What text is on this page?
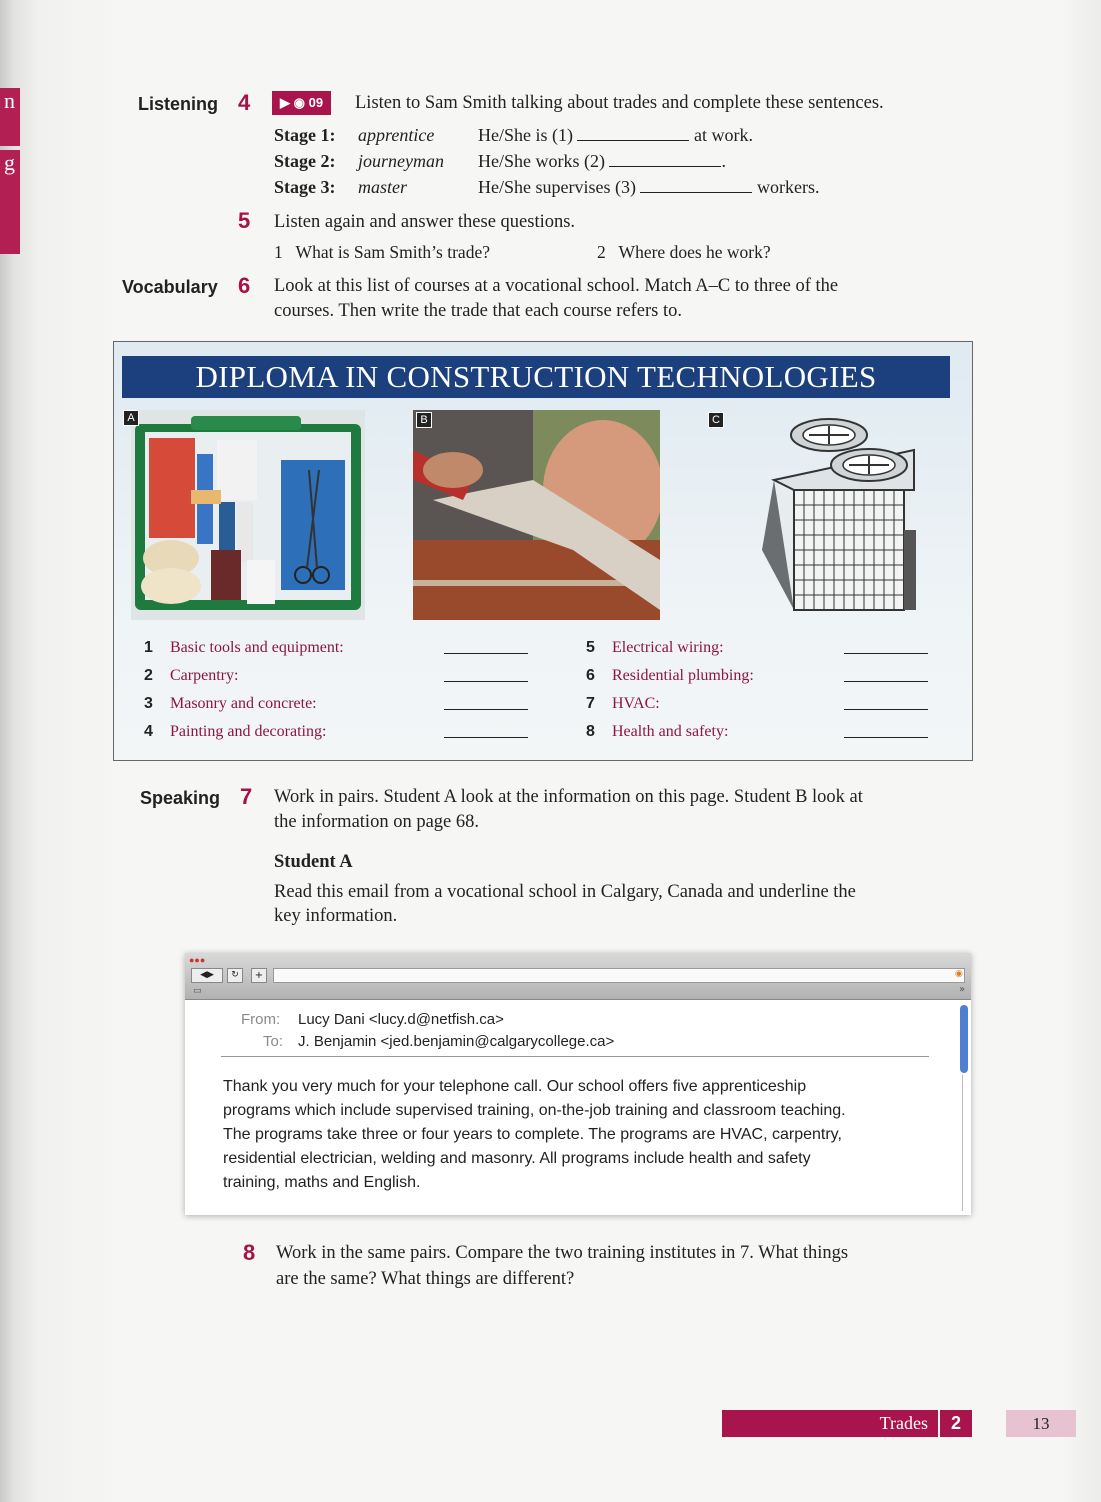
n
g
Listening 4	▶ ◉ 09	Listen to Sam Smith talking about trades and complete these sentences.
Stage 1: apprentice He/She is (1)	at work.
Stage 2: journeyman He/She works (2)	.
Stage 3: master	He/She supervises (3)	workers.
5 Listen again and answer these questions.
1   What is Sam Smith’s trade?	2   Where does he work?
Vocabulary 6 Look at this list of courses at a vocational school. Match A–C to three of the
courses. Then write the trade that each course refers to.
DIPLOMA IN CONSTRUCTION TECHNOLOGIES
A	B	C
1 Basic tools and equipment:
2 Carpentry:
3 Masonry and concrete:
4 Painting and decorating:
5 Electrical wiring:
6 Residential plumbing:
7 HVAC:
8 Health and safety:
Speaking 7 Work in pairs. Student A look at the information on this page. Student B look at
the information on page 68.
Student A
Read this email from a vocational school in Calgary, Canada and underline the
key information.
●●●
◀▶	↻	+	◉
▭	»
From: Lucy Dani <lucy.d@netfish.ca>
To: J. Benjamin <jed.benjamin@calgarycollege.ca>
Thank you very much for your telephone call. Our school offers five apprenticeship
programs which include supervised training, on-the-job training and classroom teaching.
The programs take three or four years to complete. The programs are HVAC, carpentry,
residential electrician, welding and masonry. All programs include health and safety
training, maths and English.
8 Work in the same pairs. Compare the two training institutes in 7. What things
are the same? What things are different?
Trades	2	13
